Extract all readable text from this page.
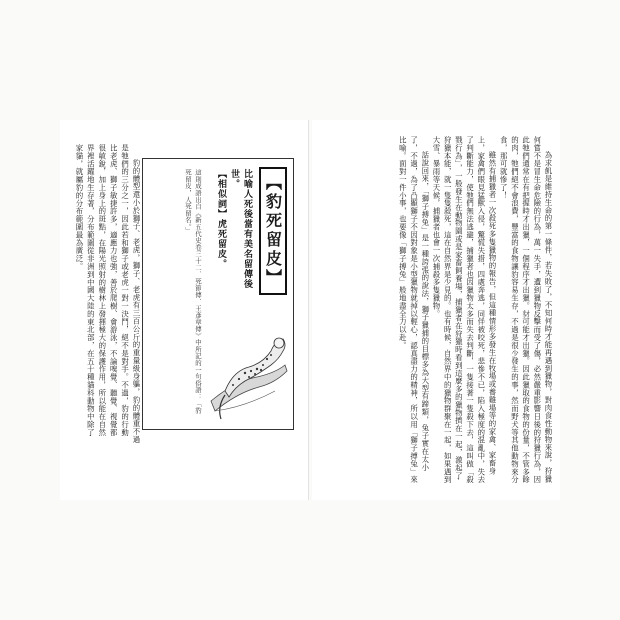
豹的體型還小於獅子、老虎，獅子、老虎有三百公斤的重量級身軀，豹的體重不過是牠們的三分之一，因此若和獅子或老虎一對一決鬥，絕不是對手。不過，豹的行動比老虎、獅子敏捷許多，適應力也強，善於爬樹、會游泳，不論嗅覺、聽覺、視覺都很敏銳，加上身上的斑點，在陽光照射的樹林上發揮極大的保護作用，所以能在自然界裡活躍地生存著，分布範圍從非洲到中國大陸的東北部，在五十種貓科動物中除了家貓，就屬豹的分布範圍最為廣泛。	【豹死留皮】
比喻人死後當有美名留傳後世。
【相似詞】虎死留皮。
這則成語出自《新五代史卷三十二．死節傳．王彥章傳》中所記的一句俗語：「豹
死留皮，人死留名。」	為求飢是維持生命的第一條件，若失敗了，不知何時才能再遇到獵物，對肉食性動物來說，狩獵何嘗不是冒生命危險的行為，萬一失手，遭到獵物反擊而受了傷，必然嚴重影響日後的狩獵行為，因此牠們通常在有把握時才出獵，一個程序才出獵。豺可能才出獵。因此獵取的食物的份量，不管多餘的肉，牠們絕不會浪費，豐富的食物讓豹容易生存，不過是很少發生的事，然而野犬等其他動物來分食，那可就慘了！

雖然有捕獵者一次殺死多隻獵物的報告，但這種情形多發生在牧場或養雞場等的家禽、家畜身上，家禽們眼見猛獸入侵，驚慌失措，四處奔逃，同伴被咬死，悲慘不已，陷入極度的混亂中，失去了判斷能力，使牠們無法逃避，捕獵者也因獵物太多而失去判斷，一隻接著一隻殺下去，這叫做「殺戮行為」，一般發生在動物園或是家畜飼養場，捕獵者在狩獵時看到這麼多的獵物擠在一起，激起了狩獵本能，就一隻隻殺死，這在自然界是少見的。也有時候，自然界中的獵物群聚在一起，如果遇到大雪、暴雨等天候，捕獵者也會一次捕殺多隻獵物。

話說回來，「獅子搏兔」是一種誇張的說法，獅子獵捕的目標多為大型有蹄類，兔子實在太小了，不過，為了凸顯獅子不因對象是小型獵物就掉以輕心，認真盡力的精神，所以用「獅子搏兔」來比喻。面對一件小事，也要像「獅子搏兔」般地盡全力以赴。
